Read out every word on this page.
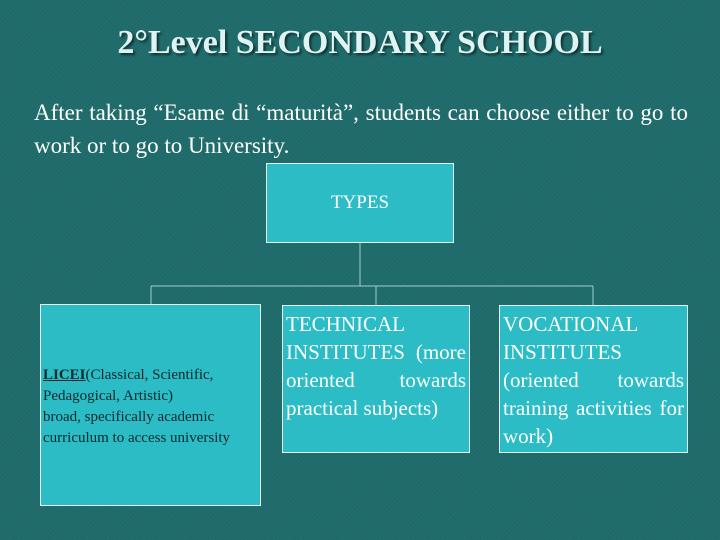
2°Level SECONDARY SCHOOL
After taking “Esame di “maturità”, students can choose either to go to work or to go to University.
TYPES
LICEI(Classical, Scientific, Pedagogical, Artistic)
broad, specifically academic curriculum to access university
TECHNICAL INSTITUTES (more oriented towards practical subjects)
VOCATIONAL INSTITUTES (oriented towards training activities for work)
